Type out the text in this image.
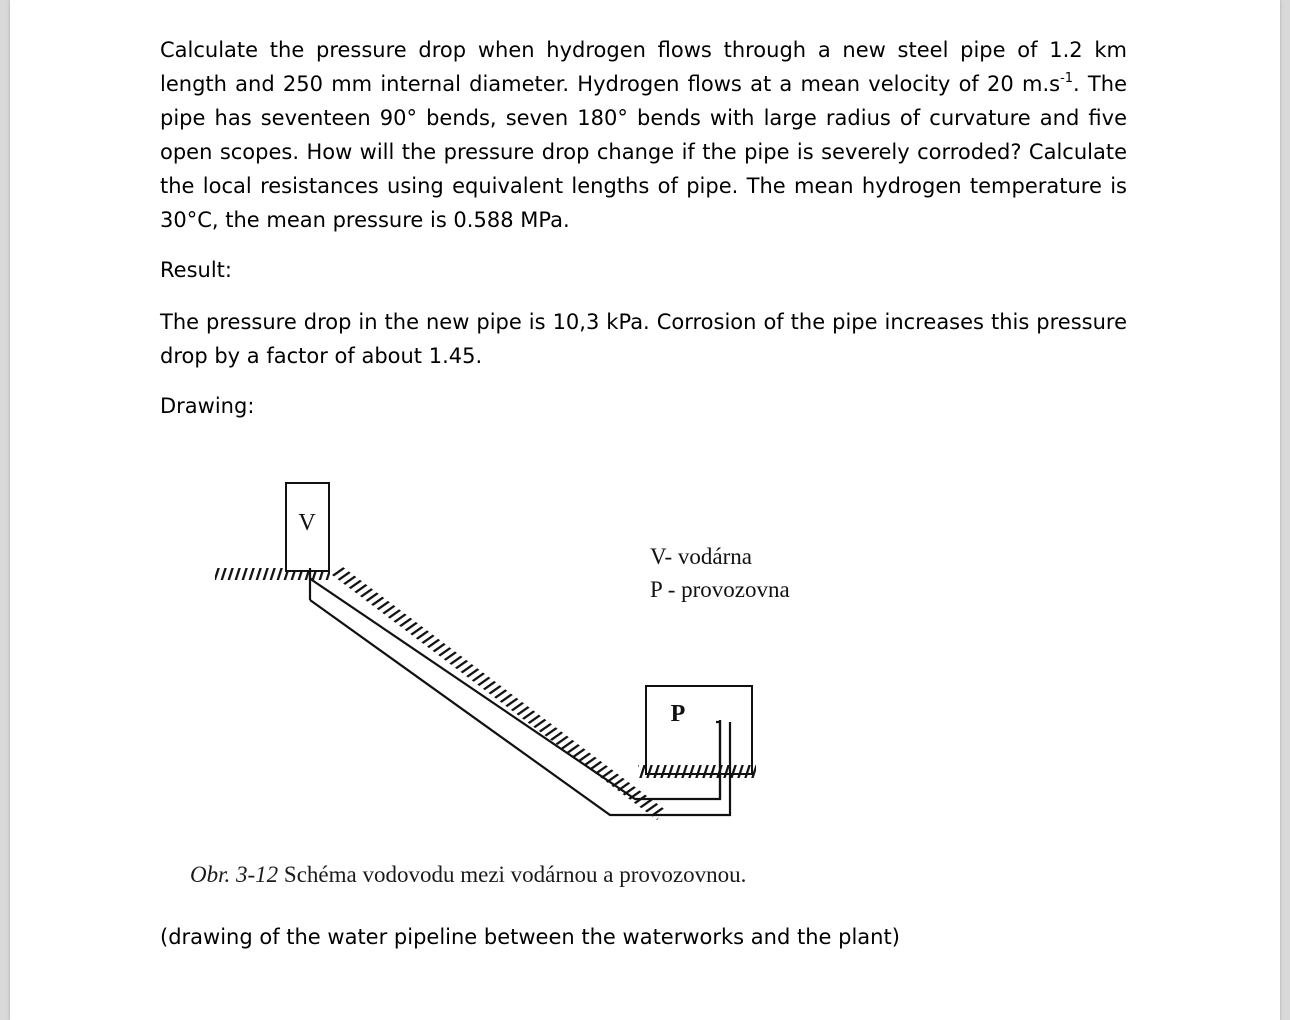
Calculate the pressure drop when hydrogen flows through a new steel pipe of 1.2 km length and 250 mm internal diameter. Hydrogen flows at a mean velocity of 20 $m.s^{-1}$. The pipe has seventeen 90° bends, seven 180° bends with large radius of curvature and five open scopes. How will the pressure drop change if the pipe is severely corroded? Calculate the local resistances using equivalent lengths of pipe. The mean hydrogen temperature is 30°C, the mean pressure is 0.588 MPa.

Result:

The pressure drop in the new pipe is 10,3 kPa. Corrosion of the pipe increases this pressure drop by a factor of about 1.45.

Drawing:

V
P
V- vodárna
P - provozovna
Obr. 3-12 Schéma vodovodu mezi vodárnou a provozovnou.

(drawing of the water pipeline between the waterworks and the plant)
